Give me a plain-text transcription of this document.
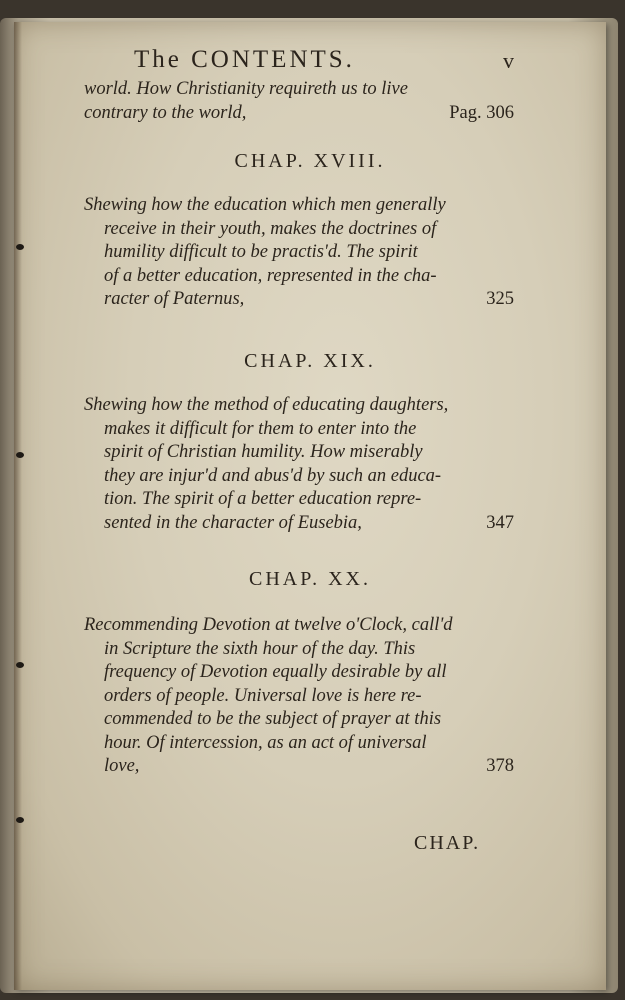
The CONTENTS.	v
world. How Christianity requireth us to live
contrary to the world,	Pag. 306
CHAP. XVIII.
Shewing how the education which men generally
receive in their youth, makes the doctrines of
humility difficult to be practis'd. The spirit
of a better education, represented in the cha-
racter of Paternus,	325
CHAP. XIX.
Shewing how the method of educating daughters,
makes it difficult for them to enter into the
spirit of Christian humility. How miserably
they are injur'd and abus'd by such an educa-
tion. The spirit of a better education repre-
sented in the character of Eusebia,	347
CHAP. XX.
Recommending Devotion at twelve o'Clock, call'd
in Scripture the sixth hour of the day. This
frequency of Devotion equally desirable by all
orders of people. Universal love is here re-
commended to be the subject of prayer at this
hour. Of intercession, as an act of universal
love,	378
CHAP.
